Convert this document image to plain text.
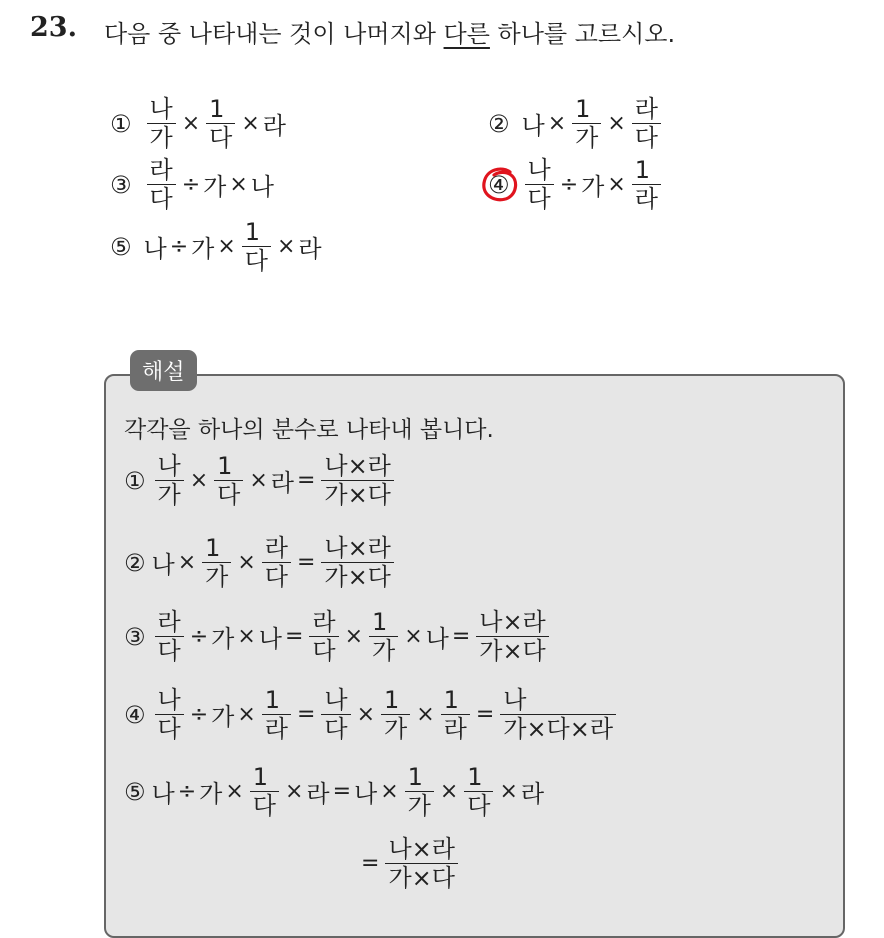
23. 다음 중 나타내는 것이 나머지와 다른 하나를 고르시오.
① $\frac{\text{나}}{\text{가}} \times \frac{1}{\text{다}}$ × 라	② 나 × $\frac{1}{\text{가}} \times \frac{\text{라}}{\text{다}}$
③ $\frac{\text{라}}{\text{다}}$ ÷ 가 × 나	④ $\frac{\text{나}}{\text{다}}$ ÷ 가 × $\frac{1}{\text{라}}$
⑤ 나 ÷ 가 × $\frac{1}{\text{다}}$ × 라
해설
각각을 하나의 분수로 나타내 봅니다.
① $\frac{\text{나}}{\text{가}} \times \frac{1}{\text{다}}$ × 라 = $\frac{\text{나×라}}{\text{가×다}}$
② 나 × $\frac{1}{\text{가}} \times \frac{\text{라}}{\text{다}} = \frac{\text{나×라}}{\text{가×다}}$
③ $\frac{\text{라}}{\text{다}}$ ÷ 가 × 나 = $\frac{\text{라}}{\text{다}} \times \frac{1}{\text{가}}$ × 나 = $\frac{\text{나×라}}{\text{가×다}}$
④ $\frac{\text{나}}{\text{다}}$ ÷ 가 × $\frac{1}{\text{라}} = \frac{\text{나}}{\text{다}} \times \frac{1}{\text{가}} \times \frac{1}{\text{라}} = \frac{\text{나}}{\text{가×다×라}}$
⑤ 나 ÷ 가 × $\frac{1}{\text{다}}$ × 라 = 나 × $\frac{1}{\text{가}} \times \frac{1}{\text{다}}$ × 라
= $\frac{\text{나×라}}{\text{가×다}}$
